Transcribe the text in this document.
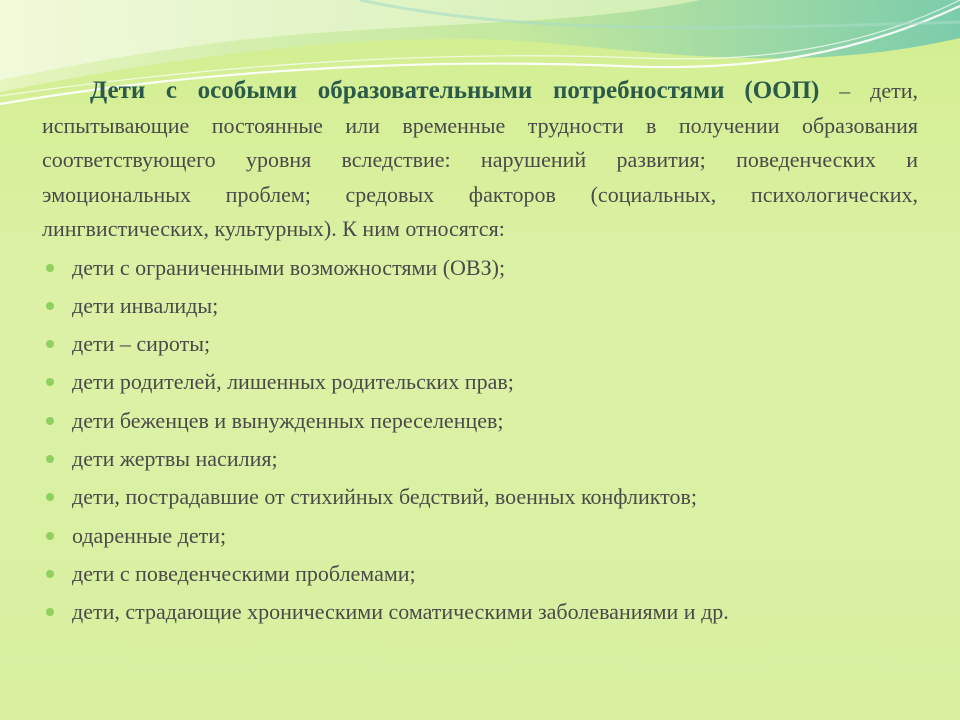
Дети с особыми образовательными потребностями (ООП) – дети, испытывающие постоянные или временные трудности в получении образования соответствующего уровня вследствие: нарушений развития; поведенческих и эмоциональных проблем; средовых факторов (социальных, психологических, лингвистических, культурных). К ним относятся:

дети с ограниченными возможностями (ОВЗ);
дети инвалиды;
дети – сироты;
дети родителей, лишенных родительских прав;
дети беженцев и вынужденных переселенцев;
дети жертвы насилия;
дети, пострадавшие от стихийных бедствий, военных конфликтов;
одаренные дети;
дети с поведенческими проблемами;
дети, страдающие хроническими соматическими заболеваниями и др.
